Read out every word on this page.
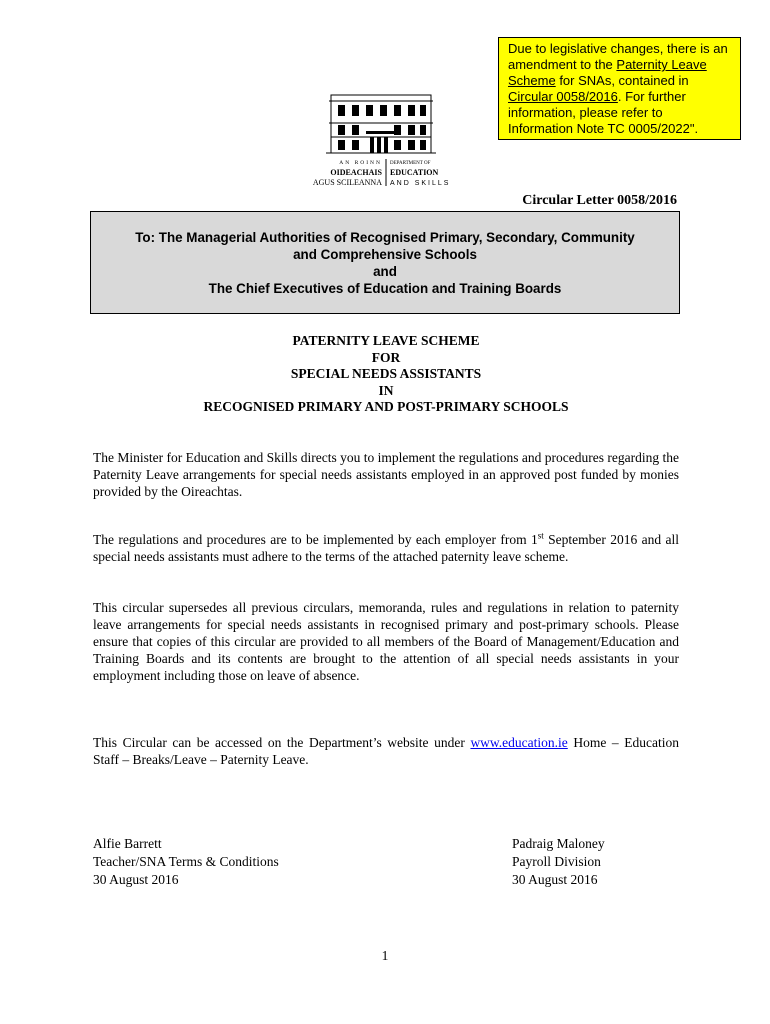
Due to legislative changes, there is an amendment to the Paternity Leave Scheme for SNAs, contained in Circular 0058/2016. For further information, please refer to Information Note TC 0005/2022".
AN ROINN
OIDEACHAIS
AGUS SCILEANNA
DEPARTMENT OF
EDUCATION
AND SKILLS
Circular Letter 0058/2016
To: The Managerial Authorities of Recognised Primary, Secondary, Community
and Comprehensive Schools
and
The Chief Executives of Education and Training Boards
PATERNITY LEAVE SCHEME
FOR
SPECIAL NEEDS ASSISTANTS
IN
RECOGNISED PRIMARY AND POST-PRIMARY SCHOOLS
The Minister for Education and Skills directs you to implement the regulations and procedures regarding the Paternity Leave arrangements for special needs assistants employed in an approved post funded by monies provided by the Oireachtas.
The regulations and procedures are to be implemented by each employer from 1st September 2016 and all special needs assistants must adhere to the terms of the attached paternity leave scheme.
This circular supersedes all previous circulars, memoranda, rules and regulations in relation to paternity leave arrangements for special needs assistants in recognised primary and post-primary schools. Please ensure that copies of this circular are provided to all members of the Board of Management/Education and Training Boards and its contents are brought to the attention of all special needs assistants in your employment including those on leave of absence.
This Circular can be accessed on the Department’s website under www.education.ie Home – Education Staff – Breaks/Leave – Paternity Leave.
Alfie Barrett
Teacher/SNA Terms & Conditions
30 August 2016
Padraig Maloney
Payroll Division
30 August 2016
1
